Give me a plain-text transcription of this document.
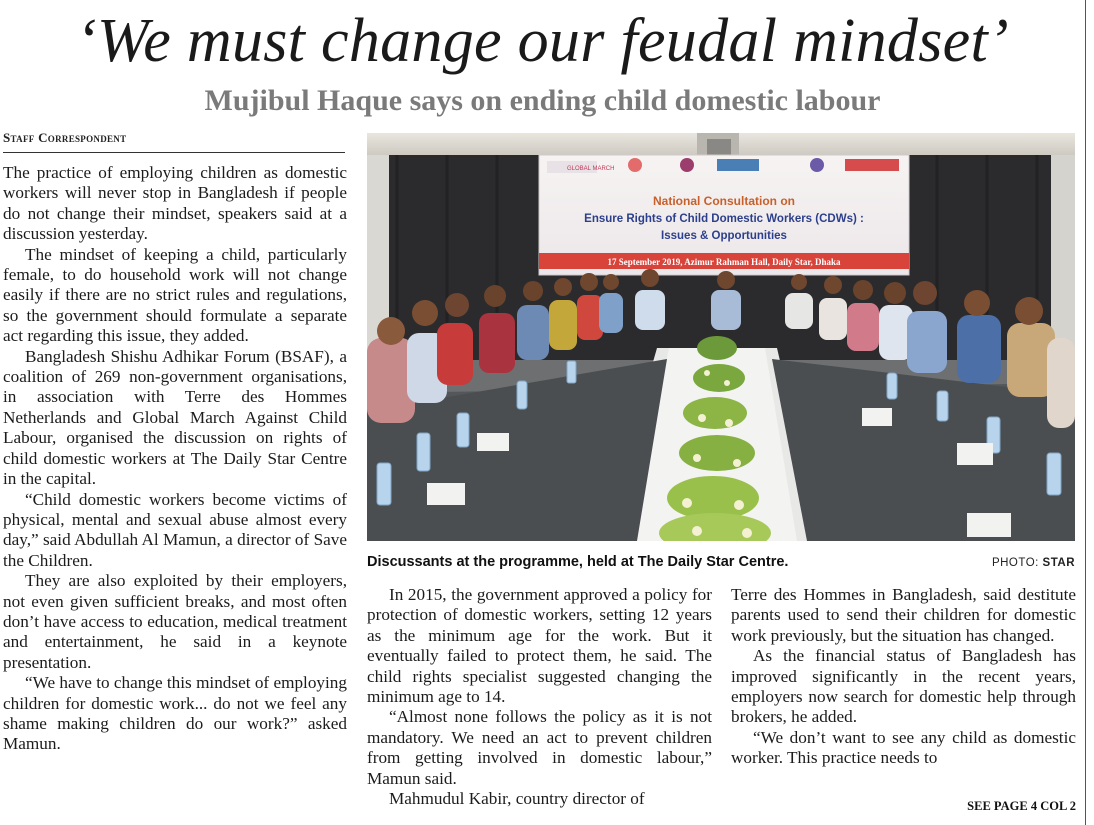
‘We must change our feudal mindset’
Mujibul Haque says on ending child domestic labour
Staff Correspondent

The practice of employing children as domestic workers will never stop in Bangladesh if people do not change their mindset, speakers said at a discussion yesterday.

The mindset of keeping a child, particularly female, to do household work will not change easily if there are no strict rules and regulations, so the government should formulate a separate act regarding this issue, they added.

Bangladesh Shishu Adhikar Forum (BSAF), a coalition of 269 non-government organisations, in association with Terre des Hommes Netherlands and Global March Against Child Labour, organised the discussion on rights of child domestic workers at The Daily Star Centre in the capital.

“Child domestic workers become victims of physical, mental and sexual abuse almost every day,” said Abdullah Al Mamun, a director of Save the Children.

They are also exploited by their employers, not even given sufficient breaks, and most often don’t have access to education, medical treatment and entertainment, he said in a keynote presentation.

“We have to change this mindset of employing children for domestic work... do not we feel any shame making children do our work?” asked Mamun.

GLOBAL MARCH
National Consultation on
Ensure Rights of Child Domestic Workers (CDWs) :
Issues & Opportunities
17 September 2019, Azimur Rahman Hall, Daily Star, Dhaka
Discussants at the programme, held at The Daily Star Centre.	PHOTO: STAR

In 2015, the government approved a policy for protection of domestic workers, setting 12 years as the minimum age for the work. But it eventually failed to protect them, he said. The child rights specialist suggested changing the minimum age to 14.

“Almost none follows the policy as it is not mandatory. We need an act to prevent children from getting involved in domestic labour,” Mamun said.

Mahmudul Kabir, country director of

Terre des Hommes in Bangladesh, said destitute parents used to send their children for domestic work previously, but the situation has changed.

As the financial status of Bangladesh has improved significantly in the recent years, employers now search for domestic help through brokers, he added.

“We don’t want to see any child as domestic worker. This practice needs to

SEE PAGE 4 COL 2
